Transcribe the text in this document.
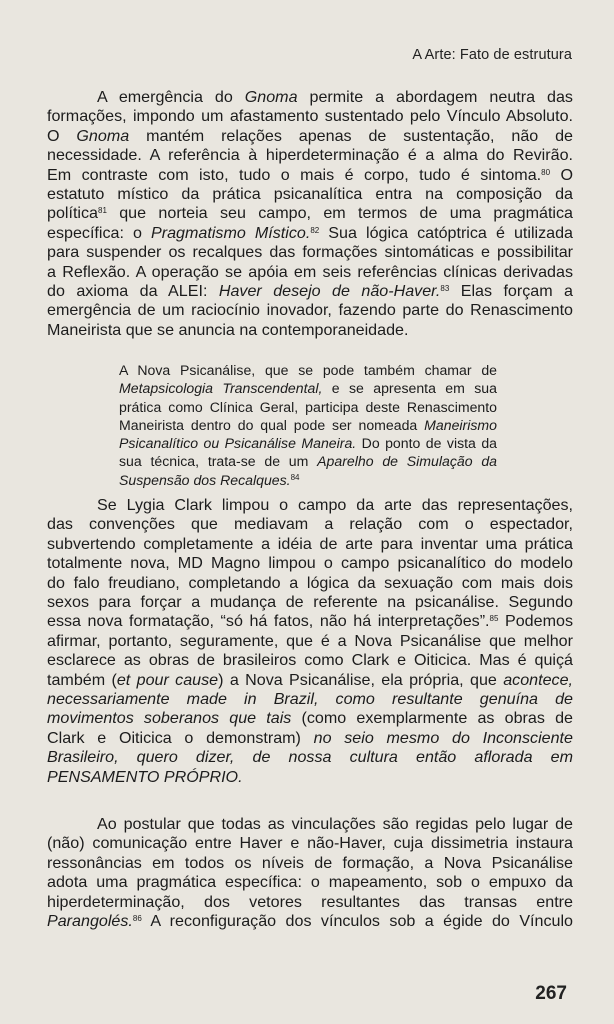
A Arte: Fato de estrutura

A emergência do Gnoma permite a abordagem neutra das

formações, impondo um afastamento sustentado pelo Vínculo Absoluto.

O Gnoma mantém relações apenas de sustentação, não de

necessidade. A referência à hiperdeterminação é a alma do Revirão.

Em contraste com isto, tudo o mais é corpo, tudo é sintoma.$^{80}$ O

estatuto místico da prática psicanalítica entra na composição da

política$^{81}$ que norteia seu campo, em termos de uma pragmática

específica: o Pragmatismo Místico.$^{82}$ Sua lógica catóptrica é utilizada

para suspender os recalques das formações sintomáticas e possibilitar

a Reflexão. A operação se apóia em seis referências clínicas derivadas

do axioma da ALEI: Haver desejo de não-Haver.$^{83}$ Elas forçam a

emergência de um raciocínio inovador, fazendo parte do Renascimento

Maneirista que se anuncia na contemporaneidade.

A Nova Psicanálise, que se pode também chamar de

Metapsicologia Transcendental, e se apresenta em sua

prática como Clínica Geral, participa deste Renascimento

Maneirista dentro do qual pode ser nomeada Maneirismo

Psicanalítico ou Psicanálise Maneira. Do ponto de vista da

sua técnica, trata-se de um Aparelho de Simulação da

Suspensão dos Recalques.$^{84}$

Se Lygia Clark limpou o campo da arte das representações,

das convenções que mediavam a relação com o espectador,

subvertendo completamente a idéia de arte para inventar uma prática

totalmente nova, MD Magno limpou o campo psicanalítico do modelo

do falo freudiano, completando a lógica da sexuação com mais dois

sexos para forçar a mudança de referente na psicanálise. Segundo

essa nova formatação, “só há fatos, não há interpretações”.$^{85}$ Podemos

afirmar, portanto, seguramente, que é a Nova Psicanálise que melhor

esclarece as obras de brasileiros como Clark e Oiticica. Mas é quiçá

também (et pour cause) a Nova Psicanálise, ela própria, que acontece,

necessariamente made in Brazil, como resultante genuína de

movimentos soberanos que tais (como exemplarmente as obras de

Clark e Oiticica o demonstram) no seio mesmo do Inconsciente

Brasileiro, quero dizer, de nossa cultura então aflorada em

PENSAMENTO PRÓPRIO.

Ao postular que todas as vinculações são regidas pelo lugar de

(não) comunicação entre Haver e não-Haver, cuja dissimetria instaura

ressonâncias em todos os níveis de formação, a Nova Psicanálise

adota uma pragmática específica: o mapeamento, sob o empuxo da

hiperdeterminação, dos vetores resultantes das transas entre

Parangolés.$^{86}$ A reconfiguração dos vínculos sob a égide do Vínculo

267
